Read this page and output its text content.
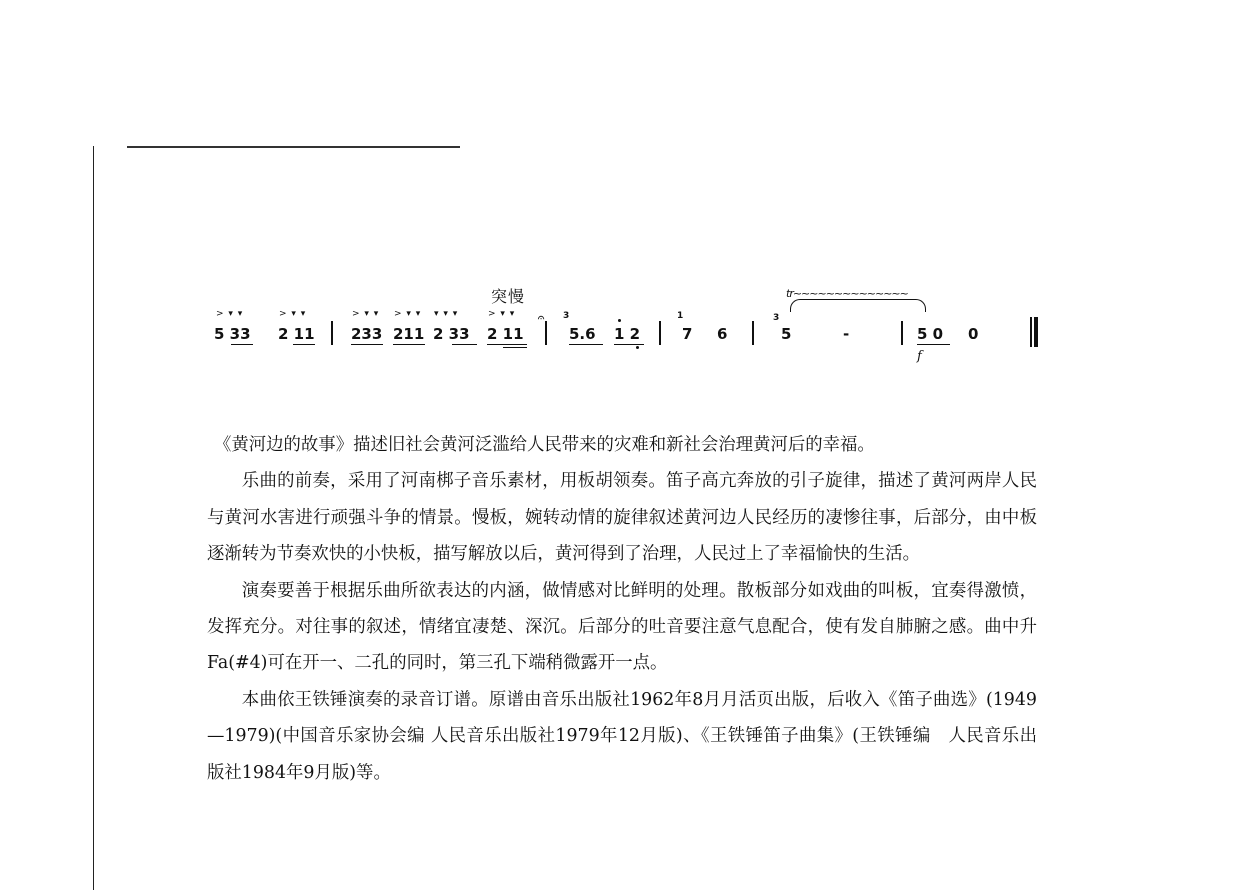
突慢
> ▾ ▾
5 33
> ▾ ▾
2 11
> ▾ ▾
233
> ▾ ▾
211
▾ ▾ ▾
2 33
> ▾ ▾
2 11
𝄐 3
5.6 1 2
1
7 6
tr~~~~~~~~~~~~~~
3
5	-	5 0
f
0

《黄河边的故事》描述旧社会黄河泛滥给人民带来的灾难和新社会治理黄河后的幸福。

乐曲的前奏，采用了河南梆子音乐素材，用板胡领奏。笛子高亢奔放的引子旋律，描述了黄河两岸人民与黄河水害进行顽强斗争的情景。慢板，婉转动情的旋律叙述黄河边人民经历的凄惨往事，后部分，由中板逐渐转为节奏欢快的小快板，描写解放以后，黄河得到了治理，人民过上了幸福愉快的生活。

演奏要善于根据乐曲所欲表达的内涵，做情感对比鲜明的处理。散板部分如戏曲的叫板，宜奏得激愤，发挥充分。对往事的叙述，情绪宜凄楚、深沉。后部分的吐音要注意气息配合，使有发自肺腑之感。曲中升 Fa(#4)可在开一、二孔的同时，第三孔下端稍微露开一点。

本曲依王铁锤演奏的录音订谱。原谱由音乐出版社1962年8月月活页出版，后收入《笛子曲选》(1949—1979)(中国音乐家协会编 人民音乐出版社1979年12月版)、《王铁锤笛子曲集》(王铁锤编　人民音乐出版社1984年9月版)等。
